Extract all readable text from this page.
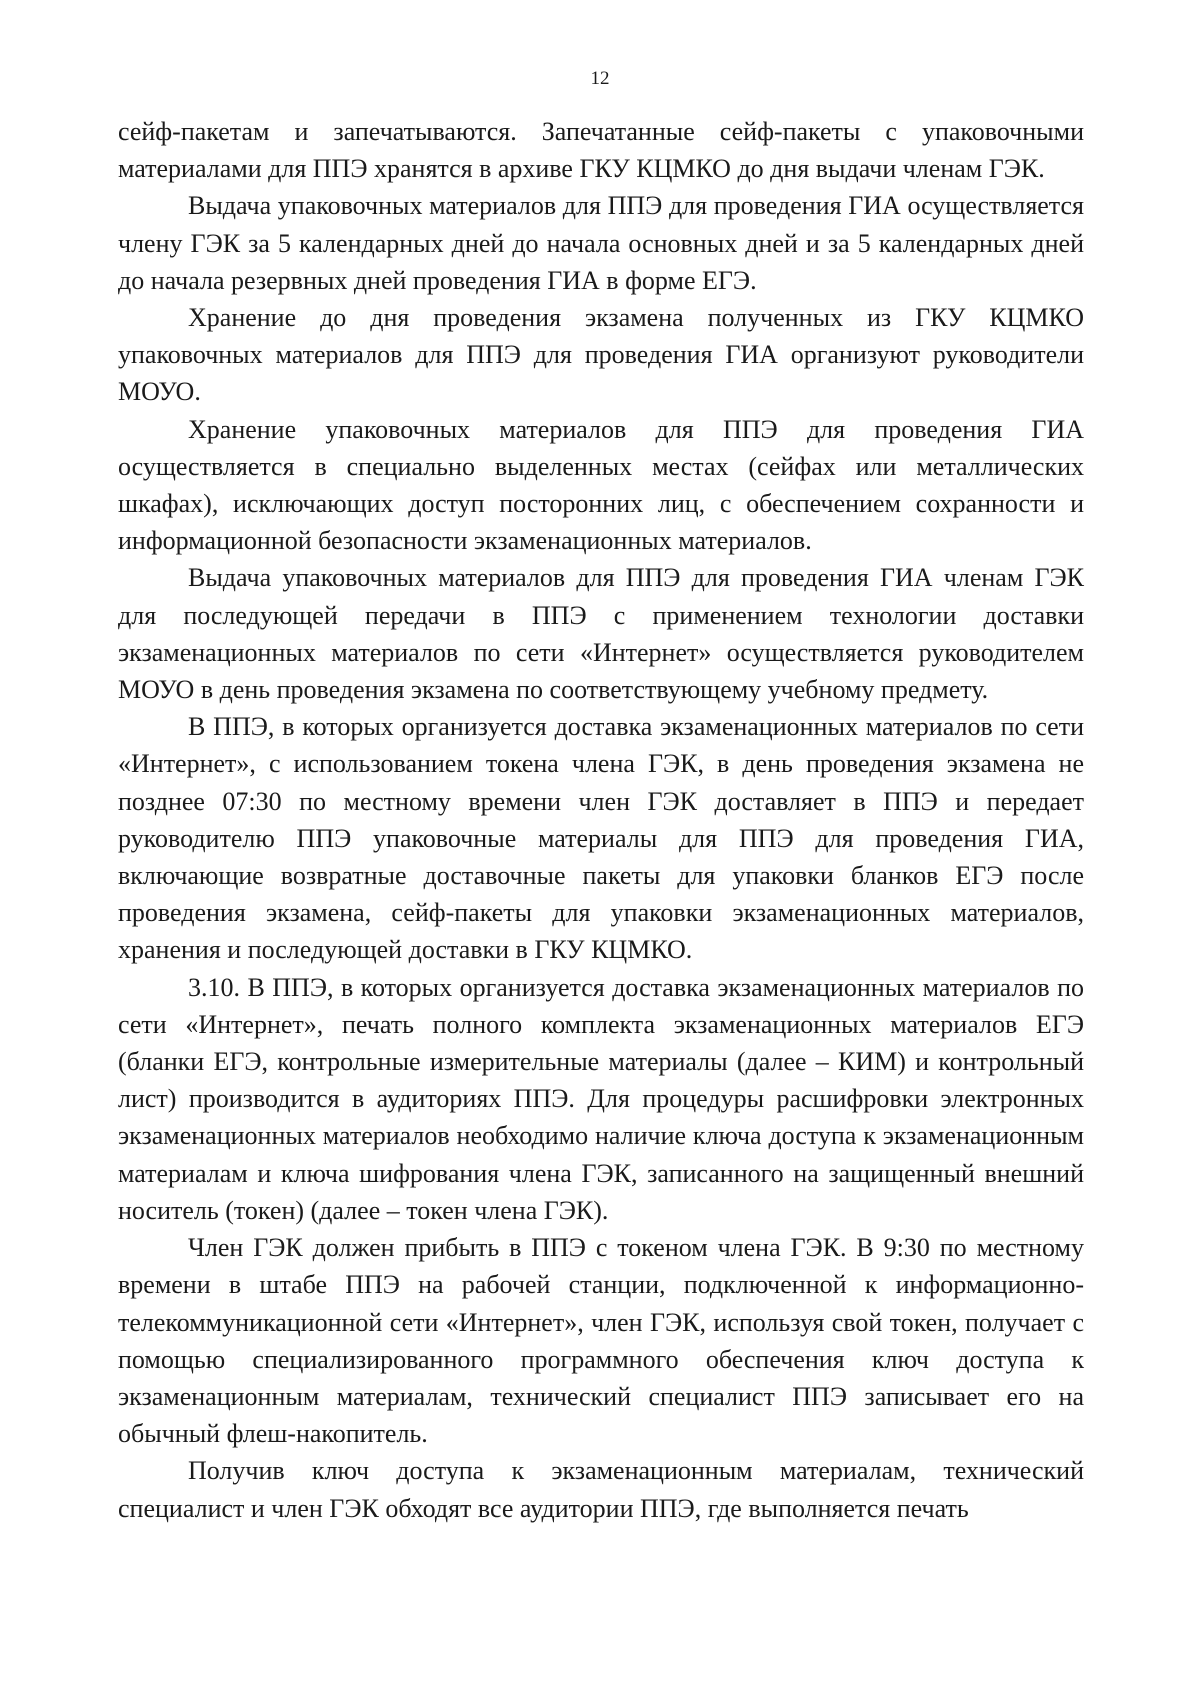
12

сейф-пакетам и запечатываются. Запечатанные сейф-пакеты с упаковочными материалами для ППЭ хранятся в архиве ГКУ КЦМКО до дня выдачи членам ГЭК.

Выдача упаковочных материалов для ППЭ для проведения ГИА осуществляется члену ГЭК за 5 календарных дней до начала основных дней и за 5 календарных дней до начала резервных дней проведения ГИА в форме ЕГЭ.

Хранение до дня проведения экзамена полученных из ГКУ КЦМКО упаковочных материалов для ППЭ для проведения ГИА организуют руководители МОУО.

Хранение упаковочных материалов для ППЭ для проведения ГИА осуществляется в специально выделенных местах (сейфах или металлических шкафах), исключающих доступ посторонних лиц, с обеспечением сохранности и информационной безопасности экзаменационных материалов.

Выдача упаковочных материалов для ППЭ для проведения ГИА членам ГЭК для последующей передачи в ППЭ с применением технологии доставки экзаменационных материалов по сети «Интернет» осуществляется руководителем МОУО в день проведения экзамена по соответствующему учебному предмету.

В ППЭ, в которых организуется доставка экзаменационных материалов по сети «Интернет», с использованием токена члена ГЭК, в день проведения экзамена не позднее 07:30 по местному времени член ГЭК доставляет в ППЭ и передает руководителю ППЭ упаковочные материалы для ППЭ для проведения ГИА, включающие возвратные доставочные пакеты для упаковки бланков ЕГЭ после проведения экзамена, сейф-пакеты для упаковки экзаменационных материалов, хранения и последующей доставки в ГКУ КЦМКО.

3.10. В ППЭ, в которых организуется доставка экзаменационных материалов по сети «Интернет», печать полного комплекта экзаменационных материалов ЕГЭ (бланки ЕГЭ, контрольные измерительные материалы (далее – КИМ) и контрольный лист) производится в аудиториях ППЭ. Для процедуры расшифровки электронных экзаменационных материалов необходимо наличие ключа доступа к экзаменационным материалам и ключа шифрования члена ГЭК, записанного на защищенный внешний носитель (токен) (далее – токен члена ГЭК).

Член ГЭК должен прибыть в ППЭ с токеном члена ГЭК. В 9:30 по местному времени в штабе ППЭ на рабочей станции, подключенной к информационно-телекоммуникационной сети «Интернет», член ГЭК, используя свой токен, получает с помощью специализированного программного обеспечения ключ доступа к экзаменационным материалам, технический специалист ППЭ записывает его на обычный флеш-накопитель.

Получив ключ доступа к экзаменационным материалам, технический специалист и член ГЭК обходят все аудитории ППЭ, где выполняется печать
